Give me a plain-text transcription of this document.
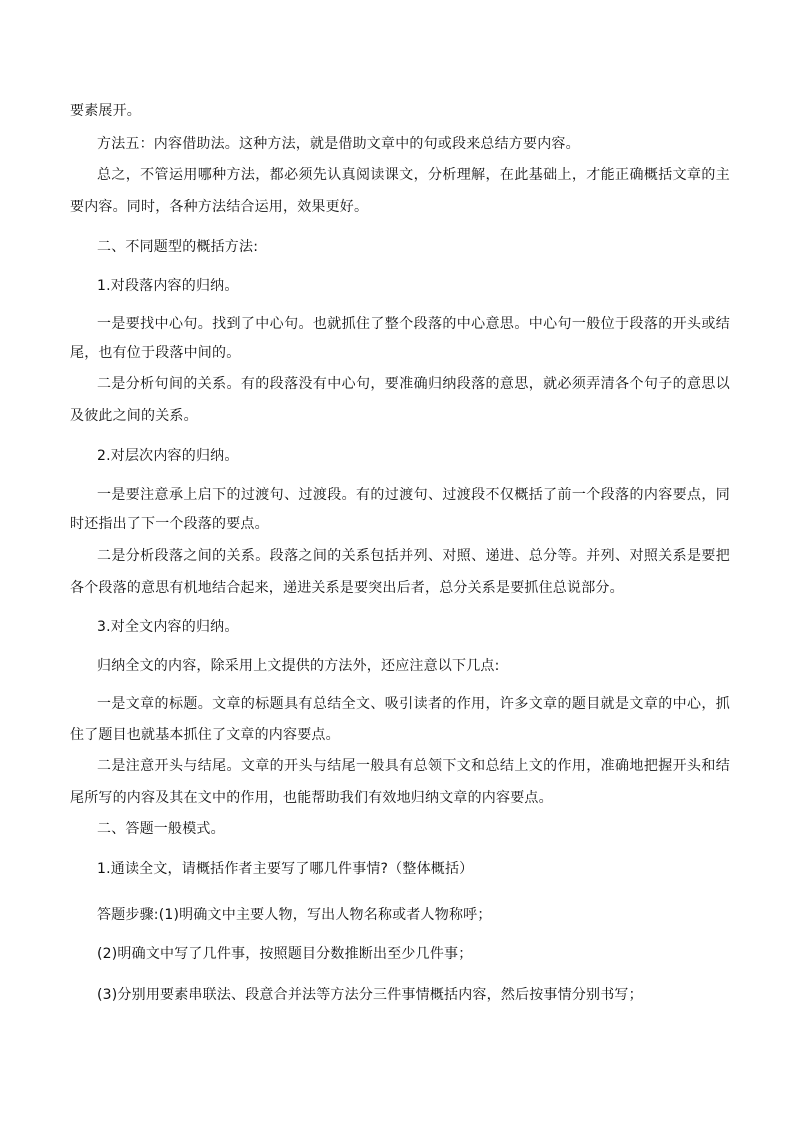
要素展开。
方法五：内容借助法。这种方法，就是借助文章中的句或段来总结方要内容。
总之，不管运用哪种方法，都必须先认真阅读课文，分析理解，在此基础上，才能正确概括文章的主
要内容。同时，各种方法结合运用，效果更好。
二、不同题型的概括方法:
1.对段落内容的归纳。
一是要找中心句。找到了中心句。也就抓住了整个段落的中心意思。中心句一般位于段落的开头或结
尾，也有位于段落中间的。
二是分析句间的关系。有的段落没有中心句，要准确归纳段落的意思，就必须弄清各个句子的意思以
及彼此之间的关系。
2.对层次内容的归纳。
一是要注意承上启下的过渡句、过渡段。有的过渡句、过渡段不仅概括了前一个段落的内容要点，同
时还指出了下一个段落的要点。
二是分析段落之间的关系。段落之间的关系包括并列、对照、递进、总分等。并列、对照关系是要把
各个段落的意思有机地结合起来，递进关系是要突出后者，总分关系是要抓住总说部分。
3.对全文内容的归纳。
归纳全文的内容，除采用上文提供的方法外，还应注意以下几点:
一是文章的标题。文章的标题具有总结全文、吸引读者的作用，许多文章的题目就是文章的中心，抓
住了题目也就基本抓住了文章的内容要点。
二是注意开头与结尾。文章的开头与结尾一般具有总领下文和总结上文的作用，准确地把握开头和结
尾所写的内容及其在文中的作用，也能帮助我们有效地归纳文章的内容要点。
二、答题一般模式。
1.通读全文，请概括作者主要写了哪几件事情?（整体概括）
答题步骤:(1)明确文中主要人物，写出人物名称或者人物称呼；
(2)明确文中写了几件事，按照题目分数推断出至少几件事；
(3)分别用要素串联法、段意合并法等方法分三件事情概括内容，然后按事情分别书写；
